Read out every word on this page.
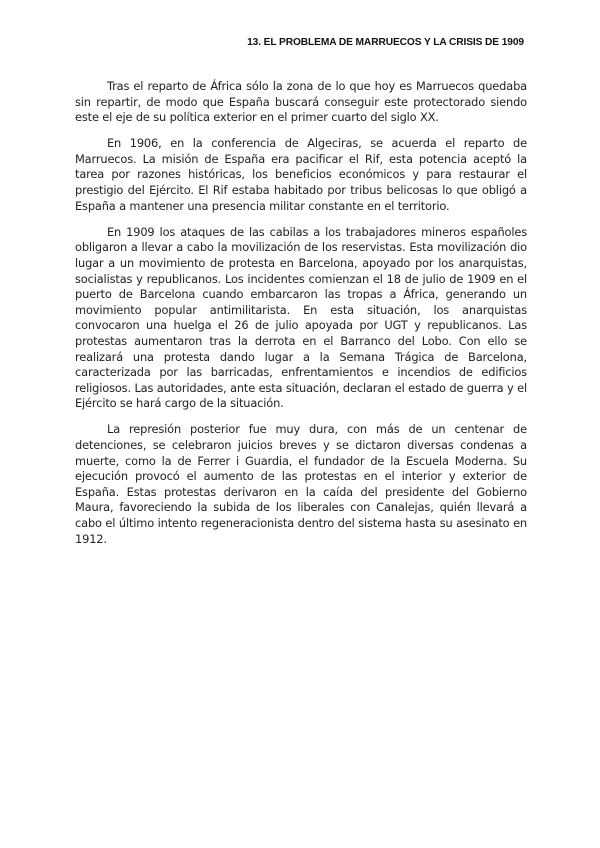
13. EL PROBLEMA DE MARRUECOS Y LA CRISIS DE 1909

Tras el reparto de África sólo la zona de lo que hoy es Marruecos quedaba sin repartir, de modo que España buscará conseguir este protectorado siendo este el eje de su política exterior en el primer cuarto del siglo XX.

En 1906, en la conferencia de Algeciras, se acuerda el reparto de Marruecos. La misión de España era pacificar el Rif, esta potencia aceptó la tarea por razones históricas, los beneficios económicos y para restaurar el prestigio del Ejército. El Rif estaba habitado por tribus belicosas lo que obligó a España a mantener una presencia militar constante en el territorio.

En 1909 los ataques de las cabilas a los trabajadores mineros españoles obligaron a llevar a cabo la movilización de los reservistas. Esta movilización dio lugar a un movimiento de protesta en Barcelona, apoyado por los anarquistas, socialistas y republicanos. Los incidentes comienzan el 18 de julio de 1909 en el puerto de Barcelona cuando embarcaron las tropas a África, generando un movimiento popular antimilitarista. En esta situación, los anarquistas convocaron una huelga el 26 de julio apoyada por UGT y republicanos. Las protestas aumentaron tras la derrota en el Barranco del Lobo. Con ello se realizará una protesta dando lugar a la Semana Trágica de Barcelona, caracterizada por las barricadas, enfrentamientos e incendios de edificios religiosos. Las autoridades, ante esta situación, declaran el estado de guerra y el Ejército se hará cargo de la situación.

La represión posterior fue muy dura, con más de un centenar de detenciones, se celebraron juicios breves y se dictaron diversas condenas a muerte, como la de Ferrer i Guardia, el fundador de la Escuela Moderna. Su ejecución provocó el aumento de las protestas en el interior y exterior de España. Estas protestas derivaron en la caída del presidente del Gobierno Maura, favoreciendo la subida de los liberales con Canalejas, quién llevará a cabo el último intento regeneracionista dentro del sistema hasta su asesinato en 1912.
